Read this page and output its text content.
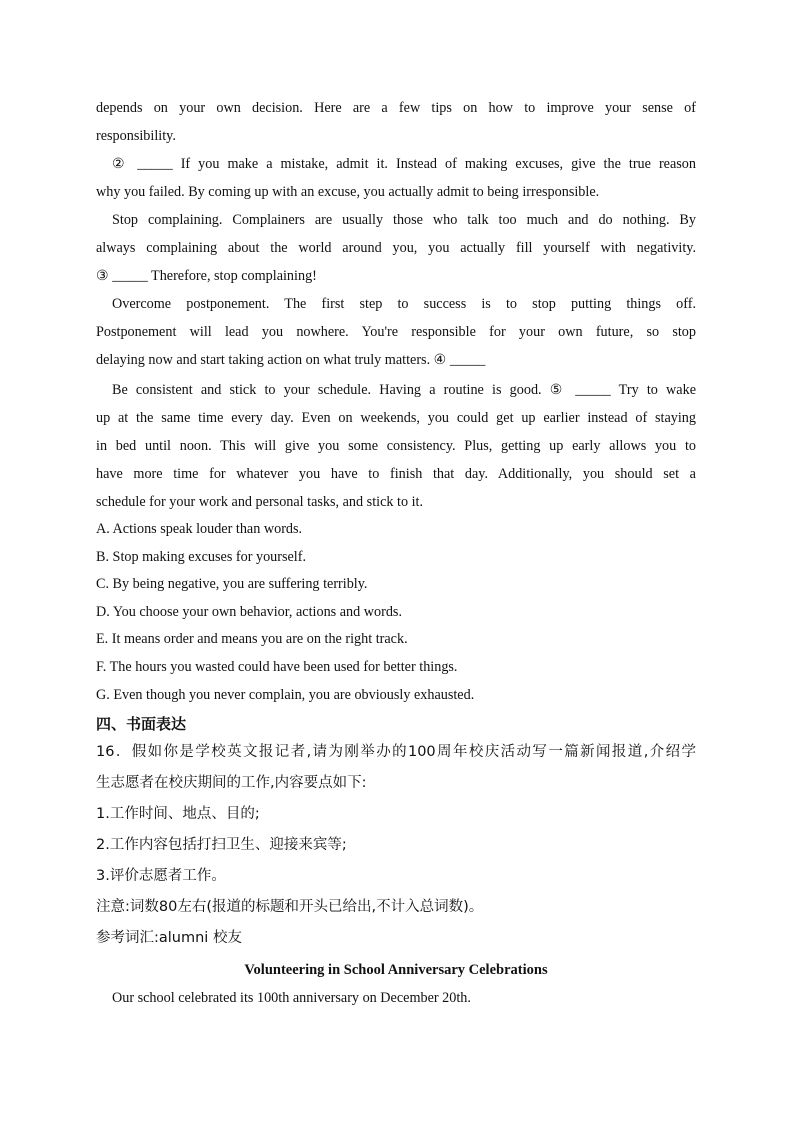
depends on your own decision. Here are a few tips on how to improve your sense of
responsibility.
② _____ If you make a mistake, admit it. Instead of making excuses, give the true reason
why you failed. By coming up with an excuse, you actually admit to being irresponsible.
Stop complaining. Complainers are usually those who talk too much and do nothing. By
always complaining about the world around you, you actually fill yourself with negativity.
③ _____ Therefore, stop complaining!
Overcome postponement. The first step to success is to stop putting things off.
Postponement will lead you nowhere. You're responsible for your own future, so stop
delaying now and start taking action on what truly matters. ④ _____
Be consistent and stick to your schedule. Having a routine is good. ⑤ _____ Try to wake
up at the same time every day. Even on weekends, you could get up earlier instead of staying
in bed until noon. This will give you some consistency. Plus, getting up early allows you to
have more time for whatever you have to finish that day. Additionally, you should set a
schedule for your work and personal tasks, and stick to it.
A. Actions speak louder than words.
B. Stop making excuses for yourself.
C. By being negative, you are suffering terribly.
D. You choose your own behavior, actions and words.
E. It means order and means you are on the right track.
F. The hours you wasted could have been used for better things.
G. Even though you never complain, you are obviously exhausted.
四、书面表达
16．假如你是学校英文报记者,请为刚举办的100周年校庆活动写一篇新闻报道,介绍学
生志愿者在校庆期间的工作,内容要点如下:
1.工作时间、地点、目的;
2.工作内容包括打扫卫生、迎接来宾等;
3.评价志愿者工作。
注意:词数80左右(报道的标题和开头已给出,不计入总词数)。
参考词汇:alumni 校友
Volunteering in School Anniversary Celebrations
Our school celebrated its 100th anniversary on December 20th.
